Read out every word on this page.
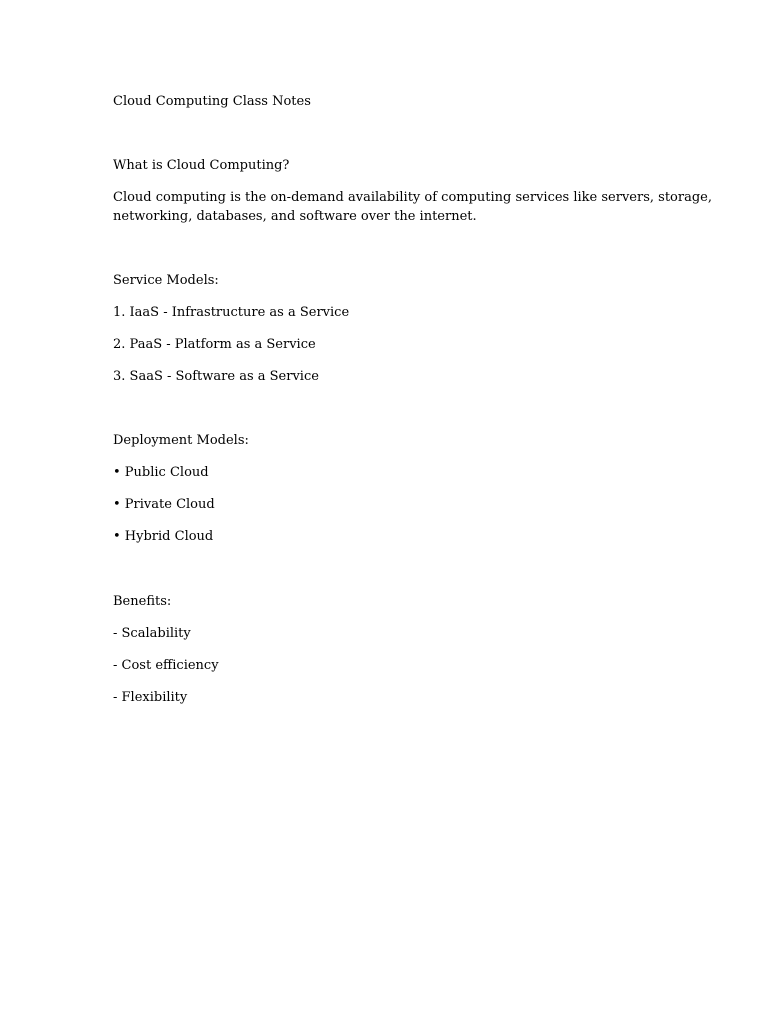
Cloud Computing Class Notes
What is Cloud Computing?
Cloud computing is the on-demand availability of computing services like servers, storage,
networking, databases, and software over the internet.
Service Models:
1. IaaS - Infrastructure as a Service
2. PaaS - Platform as a Service
3. SaaS - Software as a Service
Deployment Models:
• Public Cloud
• Private Cloud
• Hybrid Cloud
Benefits:
- Scalability
- Cost efficiency
- Flexibility
